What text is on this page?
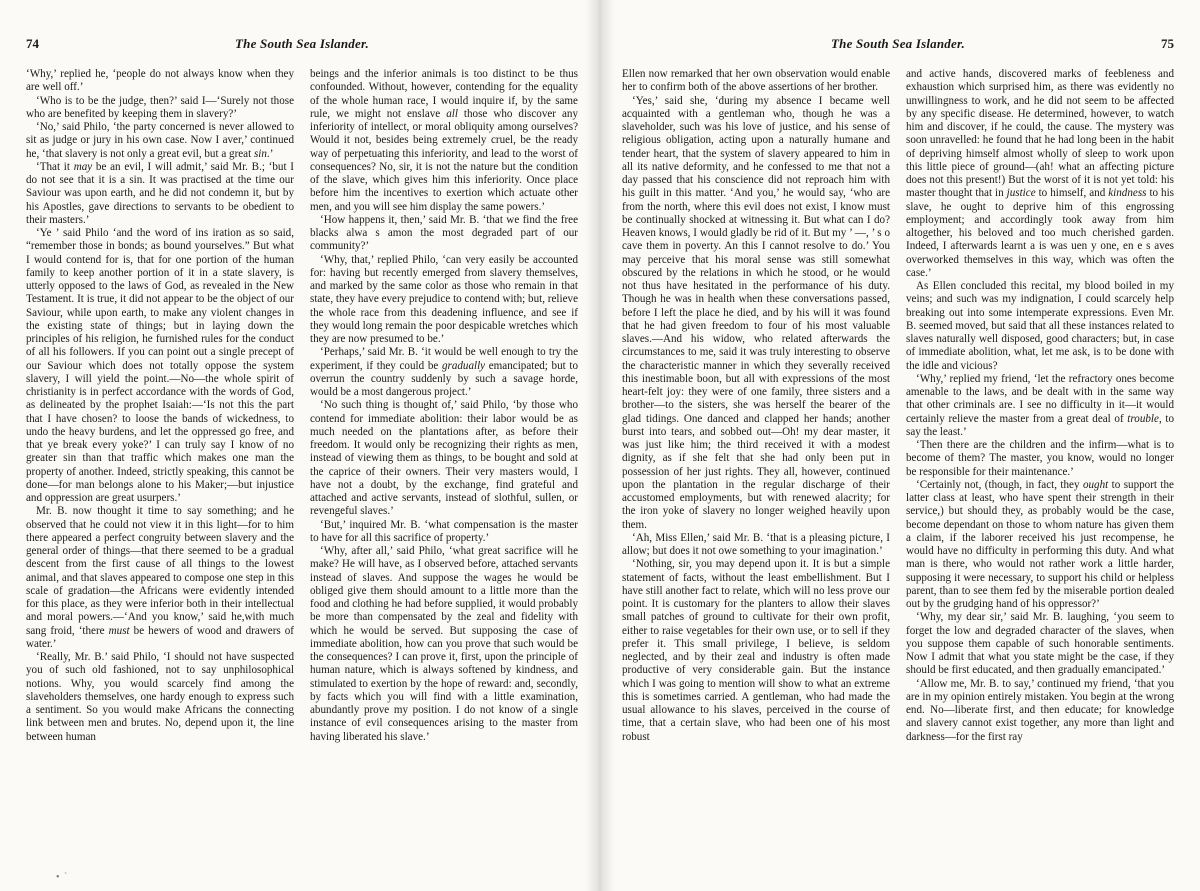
74	The South Sea Islander.

‘Why,’ replied he, ‘people do not always know when they are well off.’

‘Who is to be the judge, then?’ said I—‘Surely not those who are benefited by keeping them in slavery?’

‘No,’ said Philo, ‘the party concerned is never allowed to sit as judge or jury in his own case. Now I aver,’ continued he, ‘that slavery is not only a great evil, but a great sin.’

‘That it may be an evil, I will admit,’ said Mr. B.; ‘but I do not see that it is a sin. It was practised at the time our Saviour was upon earth, and he did not condemn it, but by his Apostles, gave directions to servants to be obedient to their masters.’

‘Ye ’ said Philo ‘and the word of ins iration as so said, “remember those in bonds; as bound yourselves.” But what I would contend for is, that for one portion of the human family to keep another portion of it in a state slavery, is utterly opposed to the laws of God, as revealed in the New Testament. It is true, it did not appear to be the object of our Saviour, while upon earth, to make any violent changes in the existing state of things; but in laying down the principles of his religion, he furnished rules for the conduct of all his followers. If you can point out a single precept of our Saviour which does not totally oppose the system slavery, I will yield the point.—No—the whole spirit of christianity is in perfect accordance with the words of God, as delineated by the prophet Isaiah:—‘Is not this the part that I have chosen? to loose the bands of wickedness, to undo the heavy burdens, and let the oppressed go free, and that ye break every yoke?’ I can truly say I know of no greater sin than that traffic which makes one man the property of another. Indeed, strictly speaking, this cannot be done—for man belongs alone to his Maker;—but injustice and oppression are great usurpers.’

Mr. B. now thought it time to say something; and he observed that he could not view it in this light—for to him there appeared a perfect congruity between slavery and the general order of things—that there seemed to be a gradual descent from the first cause of all things to the lowest animal, and that slaves appeared to compose one step in this scale of gradation—the Africans were evidently intended for this place, as they were inferior both in their intellectual and moral powers.—‘And you know,’ said he,with much sang froid, ‘there must be hewers of wood and drawers of water.’

‘Really, Mr. B.’ said Philo, ‘I should not have suspected you of such old fashioned, not to say unphilosophical notions. Why, you would scarcely find among the slaveholders themselves, one hardy enough to express such a sentiment. So you would make Africans the connecting link between men and brutes. No, depend upon it, the line between human

beings and the inferior animals is too distinct to be thus confounded. Without, however, contending for the equality of the whole human race, I would inquire if, by the same rule, we might not enslave all those who discover any inferiority of intellect, or moral obliquity among ourselves? Would it not, besides being extremely cruel, be the ready way of perpetuating this inferiority, and lead to the worst of consequences? No, sir, it is not the nature but the condition of the slave, which gives him this inferiority. Once place before him the incentives to exertion which actuate other men, and you will see him display the same powers.’

‘How happens it, then,’ said Mr. B. ‘that we find the free blacks alwa s amon the most degraded part of our community?’

‘Why, that,’ replied Philo, ‘can very easily be accounted for: having but recently emerged from slavery themselves, and marked by the same color as those who remain in that state, they have every prejudice to contend with; but, relieve the whole race from this deadening influence, and see if they would long remain the poor despicable wretches which they are now presumed to be.’

‘Perhaps,’ said Mr. B. ‘it would be well enough to try the experiment, if they could be gradually emancipated; but to overrun the country suddenly by such a savage horde, would be a most dangerous project.’

‘No such thing is thought of,’ said Philo, ‘by those who contend for immediate abolition: their labor would be as much needed on the plantations after, as before their freedom. It would only be recognizing their rights as men, instead of viewing them as things, to be bought and sold at the caprice of their owners. Their very masters would, I have not a doubt, by the exchange, find grateful and attached and active servants, instead of slothful, sullen, or revengeful slaves.’

‘But,’ inquired Mr. B. ‘what compensation is the master to have for all this sacrifice of property.’

‘Why, after all,’ said Philo, ‘what great sacrifice will he make? He will have, as I observed before, attached servants instead of slaves. And suppose the wages he would be obliged give them should amount to a little more than the food and clothing he had before supplied, it would probably be more than compensated by the zeal and fidelity with which he would be served. But supposing the case of immediate abolition, how can you prove that such would be the consequences? I can prove it, first, upon the principle of human nature, which is always softened by kindness, and stimulated to exertion by the hope of reward: and, secondly, by facts which you will find with a little examination, abundantly prove my position. I do not know of a single instance of evil consequences arising to the master from having liberated his slave.’

• `
The South Sea Islander.	75

Ellen now remarked that her own observation would enable her to confirm both of the above assertions of her brother.

‘Yes,’ said she, ‘during my absence I became well acquainted with a gentleman who, though he was a slaveholder, such was his love of justice, and his sense of religious obligation, acting upon a naturally humane and tender heart, that the system of slavery appeared to him in all its native deformity, and he confessed to me that not a day passed that his conscience did not reproach him with his guilt in this matter. ‘And you,’ he would say, ‘who are from the north, where this evil does not exist, I know must be continually shocked at witnessing it. But what can I do? Heaven knows, I would gladly be rid of it. But my ’ —, ’ s o cave them in poverty. An this I cannot resolve to do.’ You may perceive that his moral sense was still somewhat obscured by the relations in which he stood, or he would not thus have hesitated in the performance of his duty. Though he was in health when these conversations passed, before I left the place he died, and by his will it was found that he had given freedom to four of his most valuable slaves.—And his widow, who related afterwards the circumstances to me, said it was truly interesting to observe the characteristic manner in which they severally received this inestimable boon, but all with expressions of the most heart-felt joy: they were of one family, three sisters and a brother—to the sisters, she was herself the bearer of the glad tidings. One danced and clapped her hands; another burst into tears, and sobbed out—Oh! my dear master, it was just like him; the third received it with a modest dignity, as if she felt that she had only been put in possession of her just rights. They all, however, continued upon the plantation in the regular discharge of their accustomed employments, but with renewed alacrity; for the iron yoke of slavery no longer weighed heavily upon them.

‘Ah, Miss Ellen,’ said Mr. B. ‘that is a pleasing picture, I allow; but does it not owe something to your imagination.’

‘Nothing, sir, you may depend upon it. It is but a simple statement of facts, without the least embellishment. But I have still another fact to relate, which will no less prove our point. It is customary for the planters to allow their slaves small patches of ground to cultivate for their own profit, either to raise vegetables for their own use, or to sell if they prefer it. This small privilege, I believe, is seldom neglected, and by their zeal and industry is often made productive of very considerable gain. But the instance which I was going to mention will show to what an extreme this is sometimes carried. A gentleman, who had made the usual allowance to his slaves, perceived in the course of time, that a certain slave, who had been one of his most robust

and active hands, discovered marks of feebleness and exhaustion which surprised him, as there was evidently no unwillingness to work, and he did not seem to be affected by any specific disease. He determined, however, to watch him and discover, if he could, the cause. The mystery was soon unravelled: he found that he had long been in the habit of depriving himself almost wholly of sleep to work upon this little piece of ground—(ah! what an affecting picture does not this present!) But the worst of it is not yet told: his master thought that in justice to himself, and kindness to his slave, he ought to deprive him of this engrossing employment; and accordingly took away from him altogether, his beloved and too much cherished garden. Indeed, I afterwards learnt a is was uen y one, en e s aves overworked themselves in this way, which was often the case.’

As Ellen concluded this recital, my blood boiled in my veins; and such was my indignation, I could scarcely help breaking out into some intemperate expressions. Even Mr. B. seemed moved, but said that all these instances related to slaves naturally well disposed, good characters; but, in case of immediate abolition, what, let me ask, is to be done with the idle and vicious?

‘Why,’ replied my friend, ‘let the refractory ones become amenable to the laws, and be dealt with in the same way that other criminals are. I see no difficulty in it—it would certainly relieve the master from a great deal of trouble, to say the least.’

‘Then there are the children and the infirm—what is to become of them? The master, you know, would no longer be responsible for their maintenance.’

‘Certainly not, (though, in fact, they ought to support the latter class at least, who have spent their strength in their service,) but should they, as probably would be the case, become dependant on those to whom nature has given them a claim, if the laborer received his just recompense, he would have no difficulty in performing this duty. And what man is there, who would not rather work a little harder, supposing it were necessary, to support his child or helpless parent, than to see them fed by the miserable portion dealed out by the grudging hand of his oppressor?’

‘Why, my dear sir,’ said Mr. B. laughing, ‘you seem to forget the low and degraded character of the slaves, when you suppose them capable of such honorable sentiments. Now I admit that what you state might be the case, if they should be first educated, and then gradually emancipated.’

‘Allow me, Mr. B. to say,’ continued my friend, ‘that you are in my opinion entirely mistaken. You begin at the wrong end. No—liberate first, and then educate; for knowledge and slavery cannot exist together, any more than light and darkness—for the first ray
